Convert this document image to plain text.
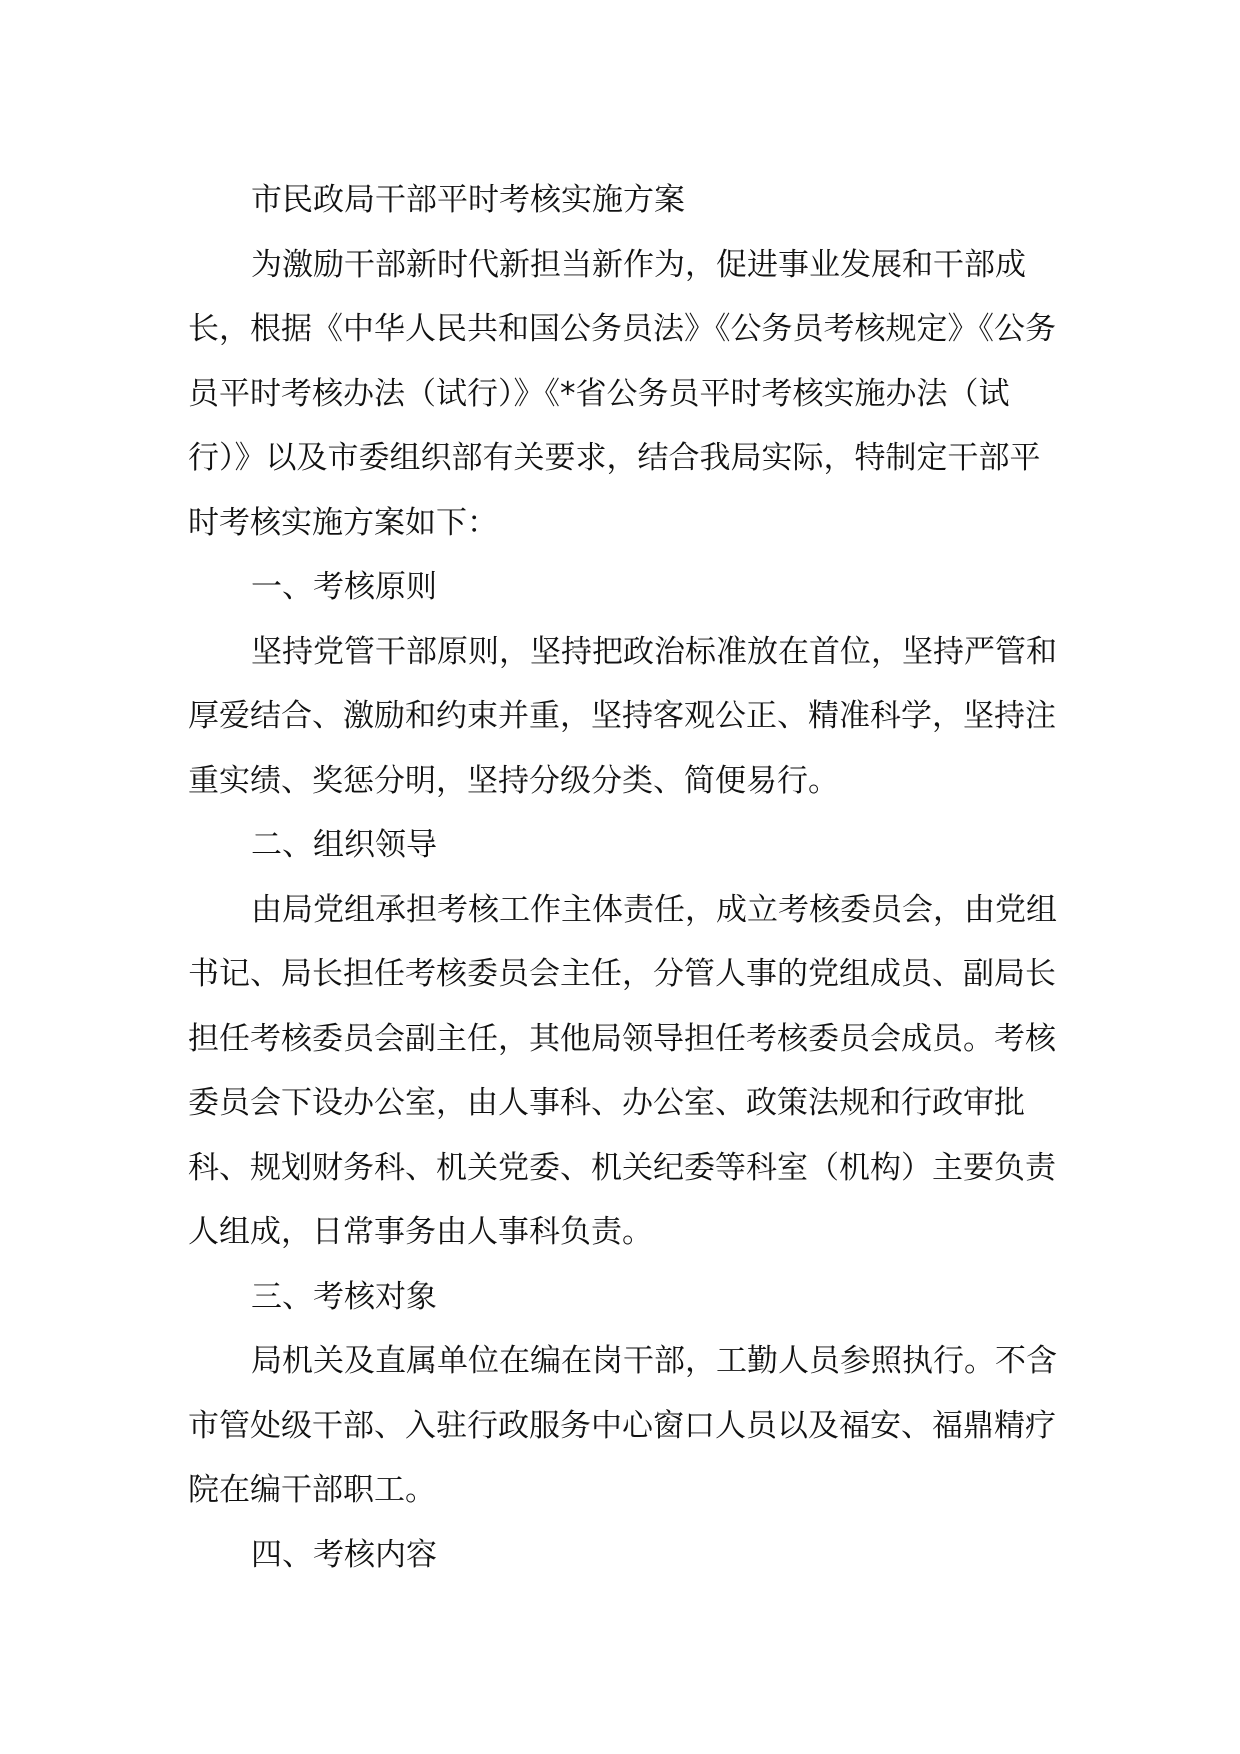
市民政局干部平时考核实施方案

为激励干部新时代新担当新作为，促进事业发展和干部成长，根据《中华人民共和国公务员法》《公务员考核规定》《公务员平时考核办法（试行）》《*省公务员平时考核实施办法（试行）》以及市委组织部有关要求，结合我局实际，特制定干部平时考核实施方案如下：

一、考核原则

坚持党管干部原则，坚持把政治标准放在首位，坚持严管和厚爱结合、激励和约束并重，坚持客观公正、精准科学，坚持注重实绩、奖惩分明，坚持分级分类、简便易行。

二、组织领导

由局党组承担考核工作主体责任，成立考核委员会，由党组书记、局长担任考核委员会主任，分管人事的党组成员、副局长担任考核委员会副主任，其他局领导担任考核委员会成员。考核委员会下设办公室，由人事科、办公室、政策法规和行政审批科、规划财务科、机关党委、机关纪委等科室（机构）主要负责人组成，日常事务由人事科负责。

三、考核对象

局机关及直属单位在编在岗干部，工勤人员参照执行。不含市管处级干部、入驻行政服务中心窗口人员以及福安、福鼎精疗院在编干部职工。

四、考核内容
